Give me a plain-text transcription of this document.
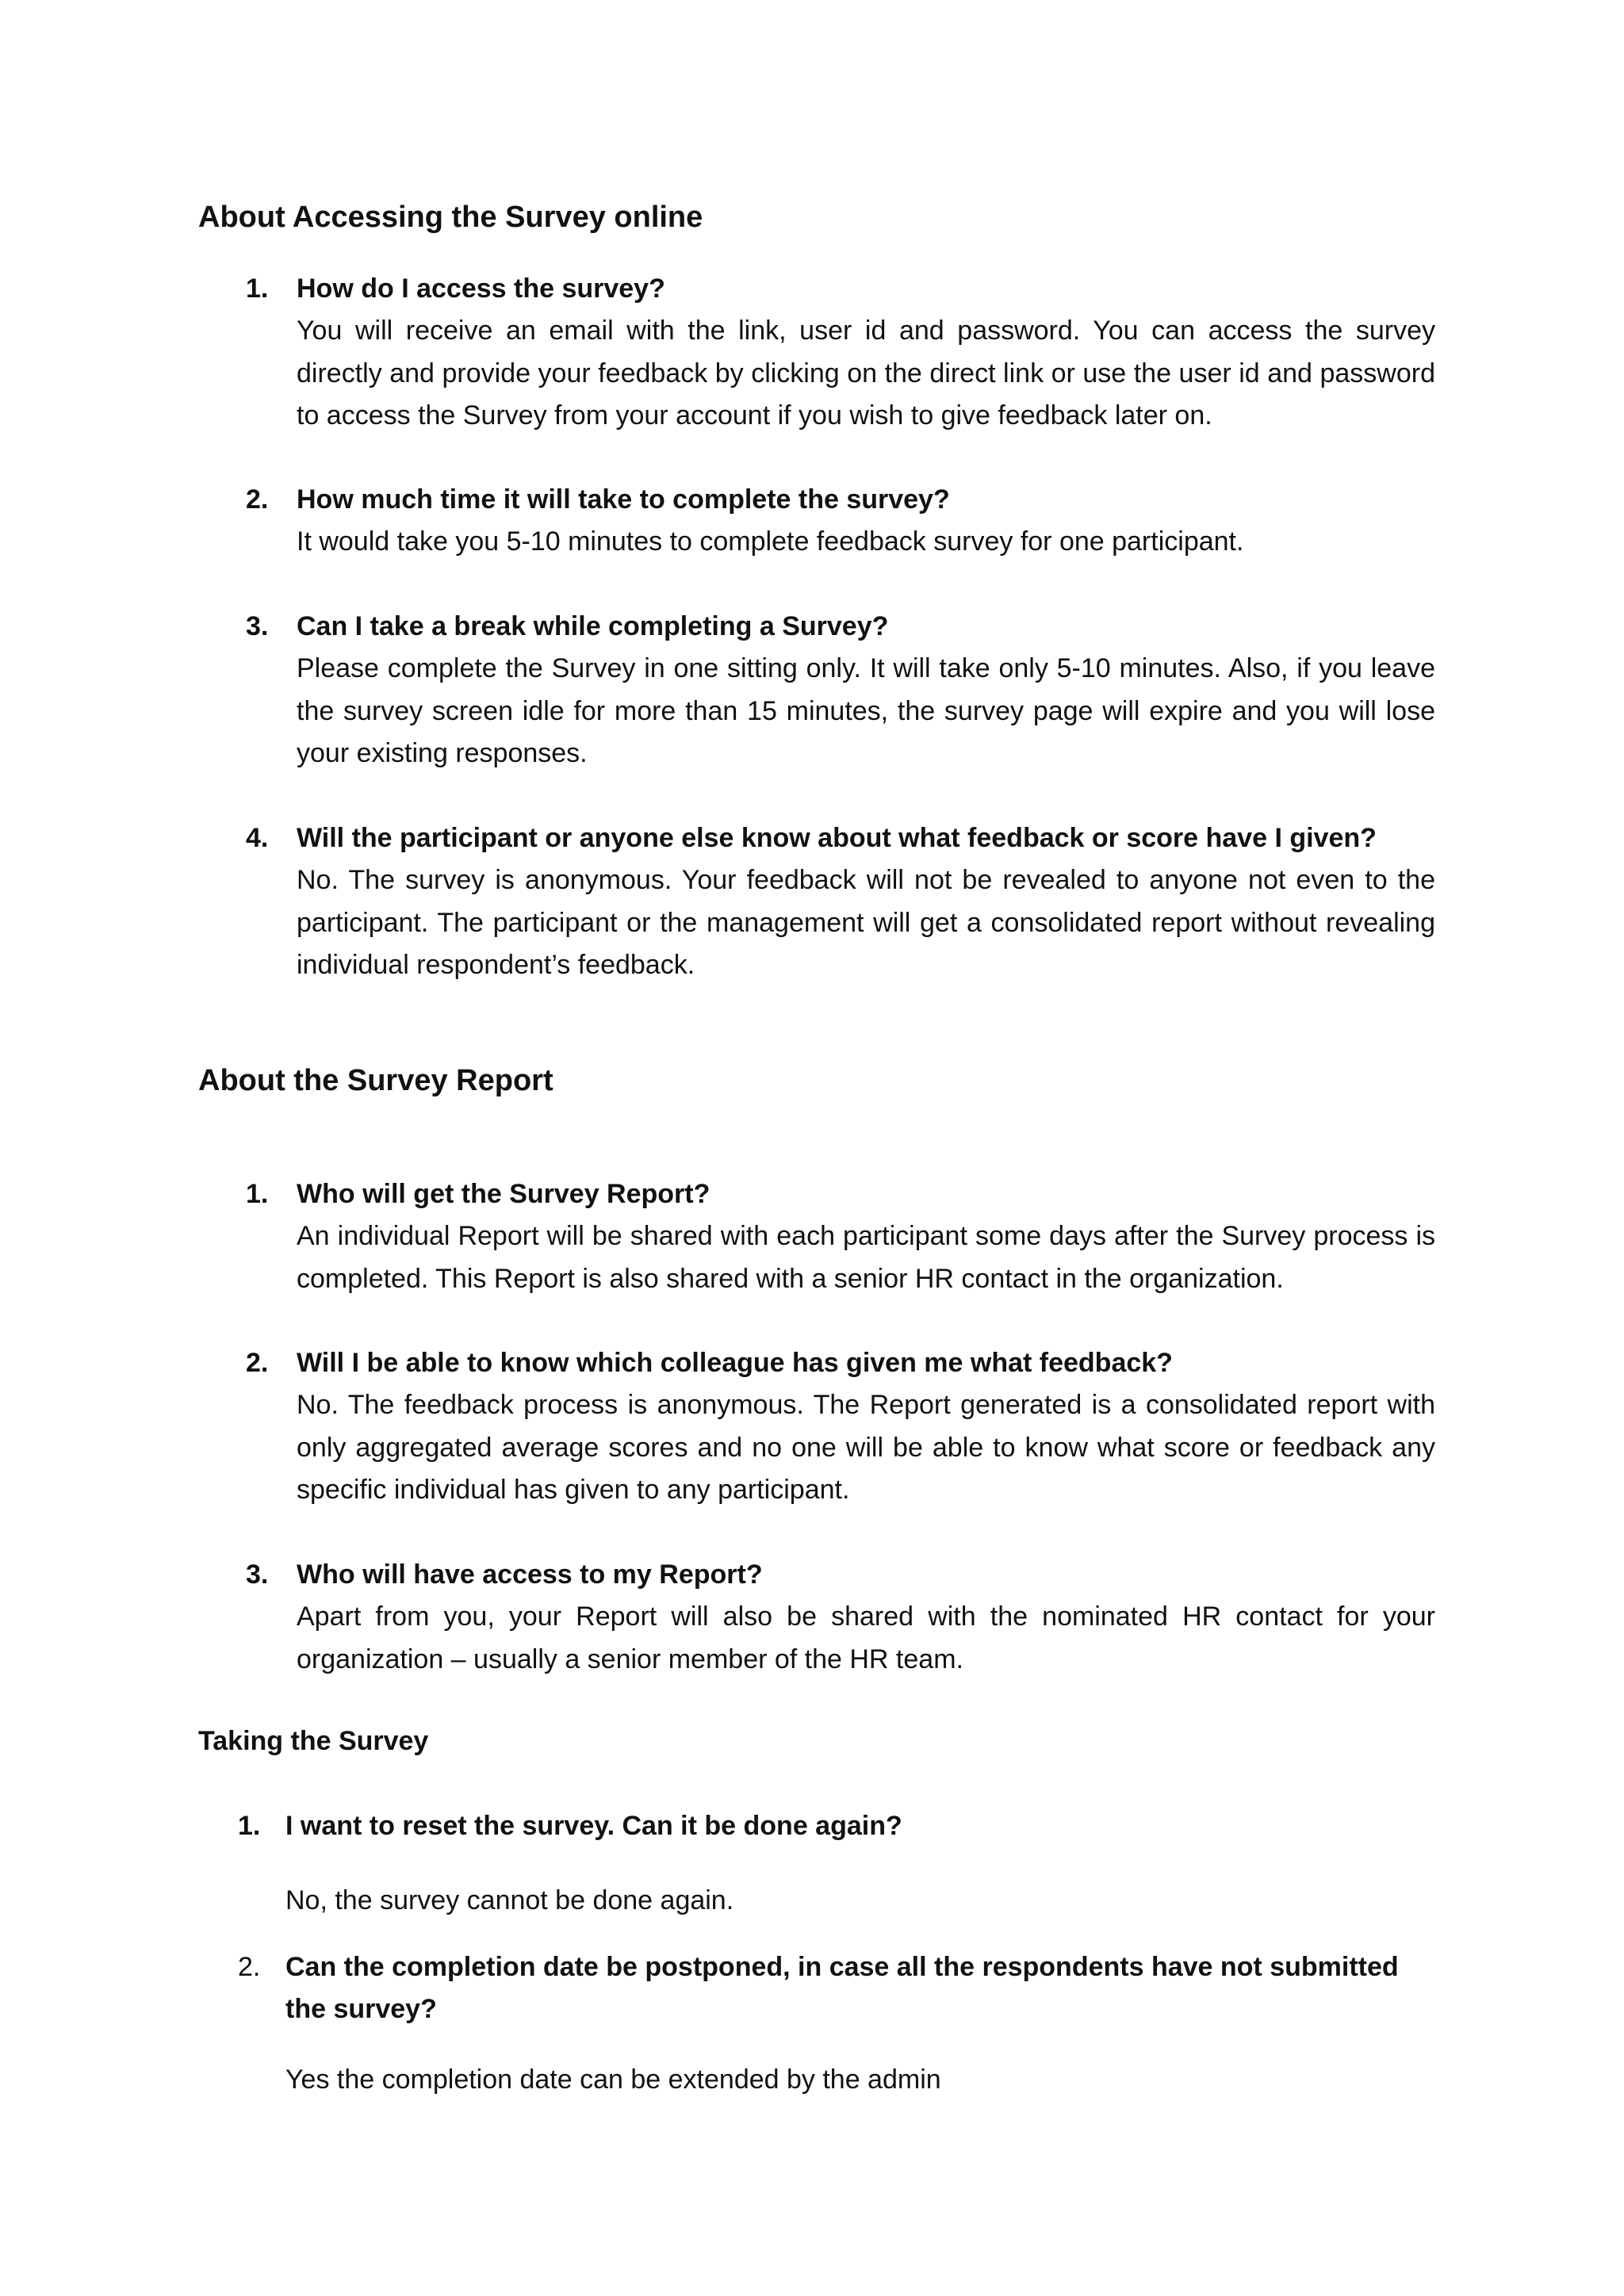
About Accessing the Survey online
1.	How do I access the survey?

You will receive an email with the link, user id and password. You can access the survey directly and provide your feedback by clicking on the direct link or use the user id and password to access the Survey from your account if you wish to give feedback later on.

2.	How much time it will take to complete the survey?

It would take you 5-10 minutes to complete feedback survey for one participant.

3.	Can I take a break while completing a Survey?

Please complete the Survey in one sitting only. It will take only 5-10 minutes. Also, if you leave the survey screen idle for more than 15 minutes, the survey page will expire and you will lose your existing responses.

4.	Will the participant or anyone else know about what feedback or score have I given?

No. The survey is anonymous. Your feedback will not be revealed to anyone not even to the participant. The participant or the management will get a consolidated report without revealing individual respondent’s feedback.

About the Survey Report
1.	Who will get the Survey Report?

An individual Report will be shared with each participant some days after the Survey process is completed. This Report is also shared with a senior HR contact in the organization.

2.	Will I be able to know which colleague has given me what feedback?

No. The feedback process is anonymous. The Report generated is a consolidated report with only aggregated average scores and no one will be able to know what score or feedback any specific individual has given to any participant.

3.	Who will have access to my Report?

Apart from you, your Report will also be shared with the nominated HR contact for your organization – usually a senior member of the HR team.

Taking the Survey
1. I want to reset the survey. Can it be done again?

No, the survey cannot be done again.

2. Can the completion date be postponed, in case all the respondents have not submitted the survey?

Yes the completion date can be extended by the admin
